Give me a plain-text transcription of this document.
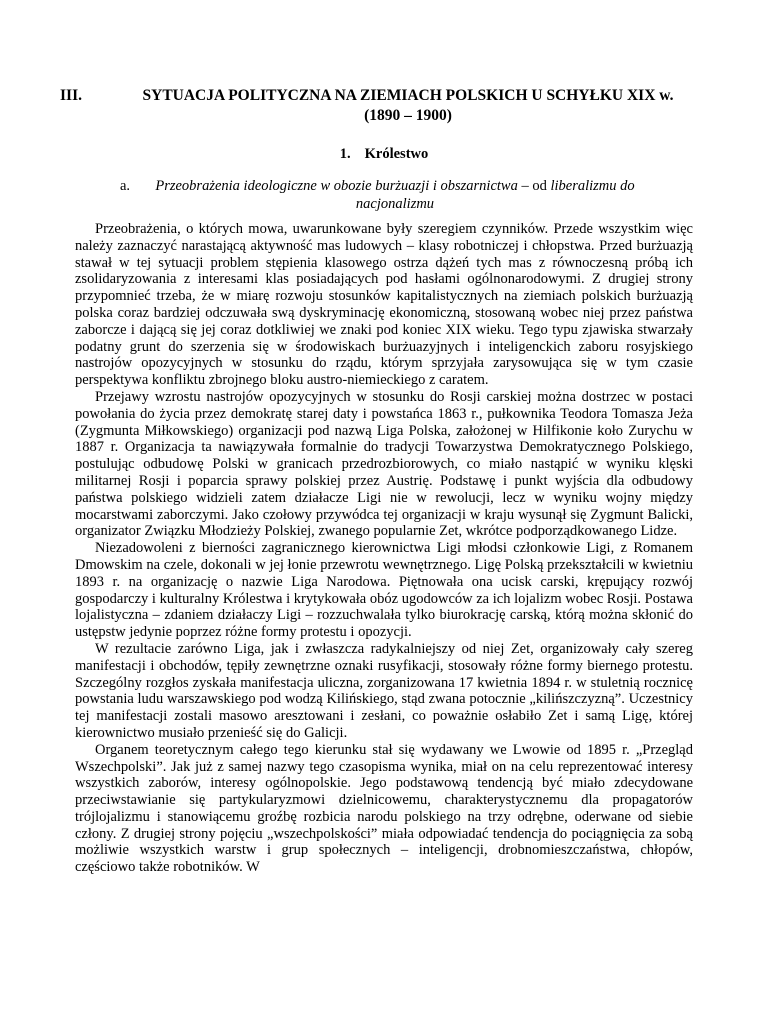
III.	SYTUACJA POLITYCZNA NA ZIEMIACH POLSKICH U SCHYŁKU XIX w.
(1890 – 1900)
1. Królestwo
a.	Przeobrażenia ideologiczne w obozie burżuazji i obszarnictwa – od liberalizmu do nacjonalizmu

Przeobrażenia, o których mowa, uwarunkowane były szeregiem czynników. Przede wszystkim więc należy zaznaczyć narastającą aktywność mas ludowych – klasy robotniczej i chłopstwa. Przed burżuazją stawał w tej sytuacji problem stępienia klasowego ostrza dążeń tych mas z równoczesną próbą ich zsolidaryzowania z interesami klas posiadających pod hasłami ogólnonarodowymi. Z drugiej strony przypomnieć trzeba, że w miarę rozwoju stosunków kapitalistycznych na ziemiach polskich burżuazją polska coraz bardziej odczuwała swą dyskryminację ekonomiczną, stosowaną wobec niej przez państwa zaborcze i dającą się jej coraz dotkliwiej we znaki pod koniec XIX wieku. Tego typu zjawiska stwarzały podatny grunt do szerzenia się w środowiskach burżuazyjnych i inteligenckich zaboru rosyjskiego nastrojów opozycyjnych w stosunku do rządu, którym sprzyjała zarysowująca się w tym czasie perspektywa konfliktu zbrojnego bloku austro-niemieckiego z caratem.

Przejawy wzrostu nastrojów opozycyjnych w stosunku do Rosji carskiej można dostrzec w postaci powołania do życia przez demokratę starej daty i powstańca 1863 r., pułkownika Teodora Tomasza Jeża (Zygmunta Miłkowskiego) organizacji pod nazwą Liga Polska, założonej w Hilfikonie koło Zurychu w 1887 r. Organizacja ta nawiązywała formalnie do tradycji Towarzystwa Demokratycznego Polskiego, postulując odbudowę Polski w granicach przedrozbiorowych, co miało nastąpić w wyniku klęski militarnej Rosji i poparcia sprawy polskiej przez Austrię. Podstawę i punkt wyjścia dla odbudowy państwa polskiego widzieli zatem działacze Ligi nie w rewolucji, lecz w wyniku wojny między mocarstwami zaborczymi. Jako czołowy przywódca tej organizacji w kraju wysunął się Zygmunt Balicki, organizator Związku Młodzieży Polskiej, zwanego popularnie Zet, wkrótce podporządkowanego Lidze.

Niezadowoleni z bierności zagranicznego kierownictwa Ligi młodsi członkowie Ligi, z Romanem Dmowskim na czele, dokonali w jej łonie przewrotu wewnętrznego. Ligę Polską przekształcili w kwietniu 1893 r. na organizację o nazwie Liga Narodowa. Piętnowała ona ucisk carski, krępujący rozwój gospodarczy i kulturalny Królestwa i krytykowała obóz ugodowców za ich lojalizm wobec Rosji. Postawa lojalistyczna – zdaniem działaczy Ligi – rozzuchwalała tylko biurokrację carską, którą można skłonić do ustępstw jedynie poprzez różne formy protestu i opozycji.

W rezultacie zarówno Liga, jak i zwłaszcza radykalniejszy od niej Zet, organizowały cały szereg manifestacji i obchodów, tępiły zewnętrzne oznaki rusyfikacji, stosowały różne formy biernego protestu. Szczególny rozgłos zyskała manifestacja uliczna, zorganizowana 17 kwietnia 1894 r. w stuletnią rocznicę powstania ludu warszawskiego pod wodzą Kilińskiego, stąd zwana potocznie „kilińszczyzną”. Uczestnicy tej manifestacji zostali masowo aresztowani i zesłani, co poważnie osłabiło Zet i samą Ligę, której kierownictwo musiało przenieść się do Galicji.

Organem teoretycznym całego tego kierunku stał się wydawany we Lwowie od 1895 r. „Przegląd Wszechpolski”. Jak już z samej nazwy tego czasopisma wynika, miał on na celu reprezentować interesy wszystkich zaborów, interesy ogólnopolskie. Jego podstawową tendencją być miało zdecydowane przeciwstawianie się partykularyzmowi dzielnicowemu, charakterystycznemu dla propagatorów trójlojalizmu i stanowiącemu groźbę rozbicia narodu polskiego na trzy odrębne, oderwane od siebie człony. Z drugiej strony pojęciu „wszechpolskości” miała odpowiadać tendencja do pociągnięcia za sobą możliwie wszystkich warstw i grup społecznych – inteligencji, drobnomieszczaństwa, chłopów, częściowo także robotników. W
